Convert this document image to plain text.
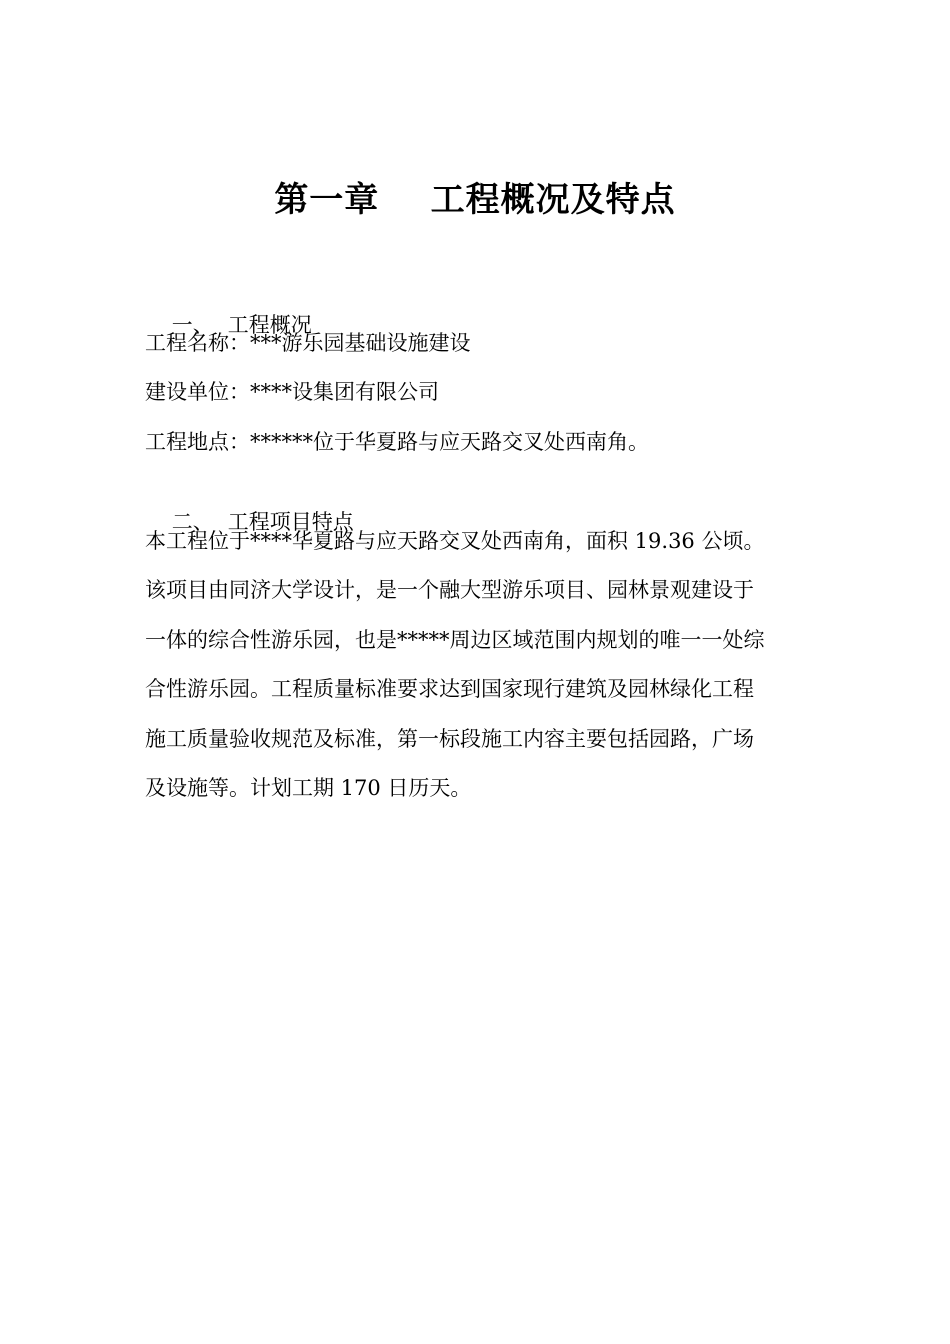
第一章    工程概况及特点

一、 工程概况

工程名称：***游乐园基础设施建设
建设单位：****设集团有限公司
工程地点：******位于华夏路与应天路交叉处西南角。

二、 工程项目特点

本工程位于****华夏路与应天路交叉处西南角，面积 19.36 公顷。
该项目由同济大学设计，是一个融大型游乐项目、园林景观建设于
一体的综合性游乐园，也是*****周边区域范围内规划的唯一一处综
合性游乐园。工程质量标准要求达到国家现行建筑及园林绿化工程
施工质量验收规范及标准，第一标段施工内容主要包括园路，广场
及设施等。计划工期 170 日历天。
